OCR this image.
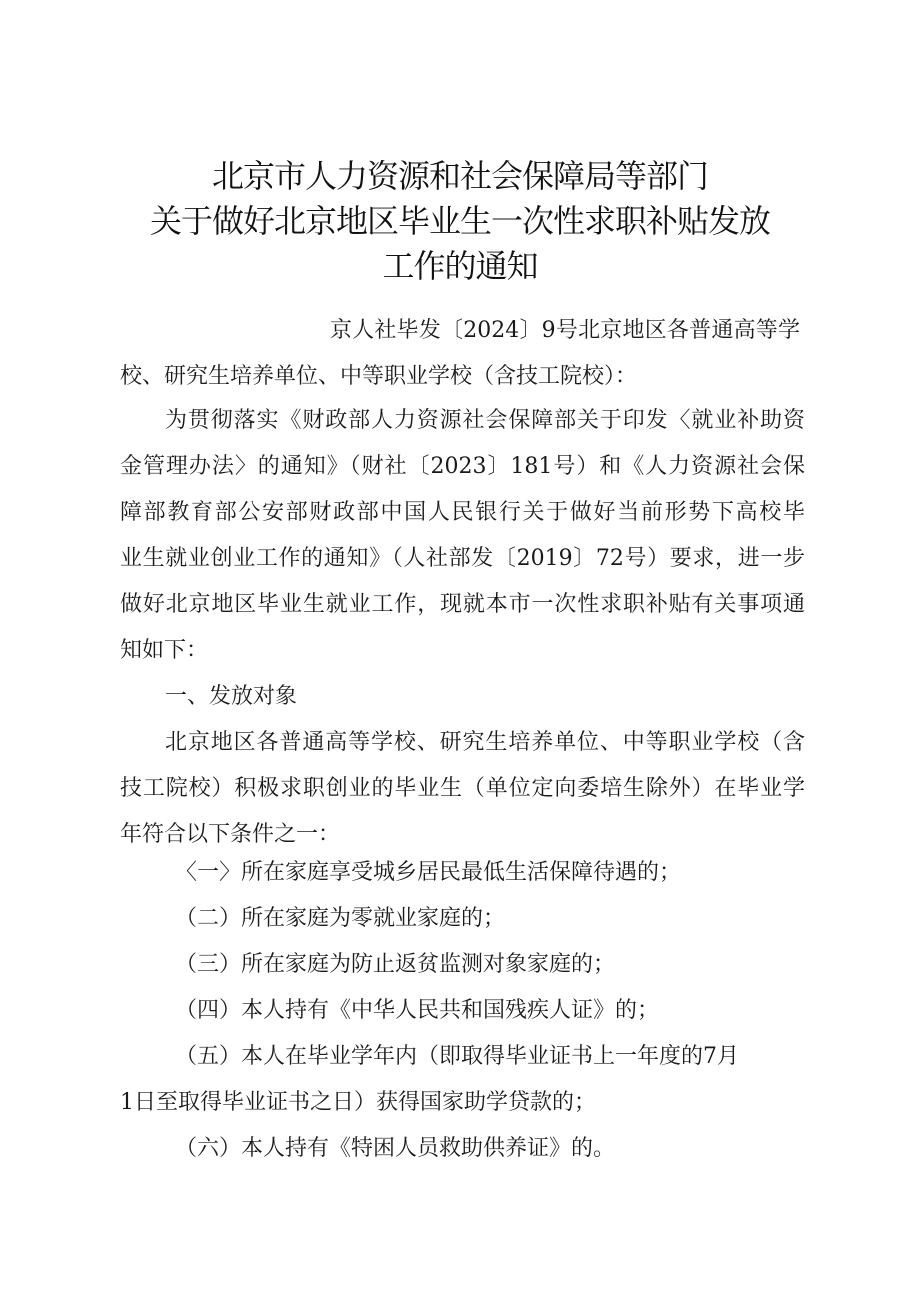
北京市人力资源和社会保障局等部门
关于做好北京地区毕业生一次性求职补贴发放
工作的通知
京人社毕发〔2024〕9号北京地区各普通高等学
校、研究生培养单位、中等职业学校（含技工院校）：
为贯彻落实《财政部人力资源社会保障部关于印发〈就业补助资
金管理办法〉的通知》（财社〔2023〕181号）和《人力资源社会保
障部教育部公安部财政部中国人民银行关于做好当前形势下高校毕
业生就业创业工作的通知》（人社部发〔2019〕72号）要求，进一步
做好北京地区毕业生就业工作，现就本市一次性求职补贴有关事项通
知如下：
一、发放对象
北京地区各普通高等学校、研究生培养单位、中等职业学校（含
技工院校）积极求职创业的毕业生（单位定向委培生除外）在毕业学
年符合以下条件之一：
〈一〉所在家庭享受城乡居民最低生活保障待遇的；
（二）所在家庭为零就业家庭的；
（三）所在家庭为防止返贫监测对象家庭的；
（四）本人持有《中华人民共和国残疾人证》的；
（五）本人在毕业学年内（即取得毕业证书上一年度的7月
1日至取得毕业证书之日）获得国家助学贷款的；
（六）本人持有《特困人员救助供养证》的。
